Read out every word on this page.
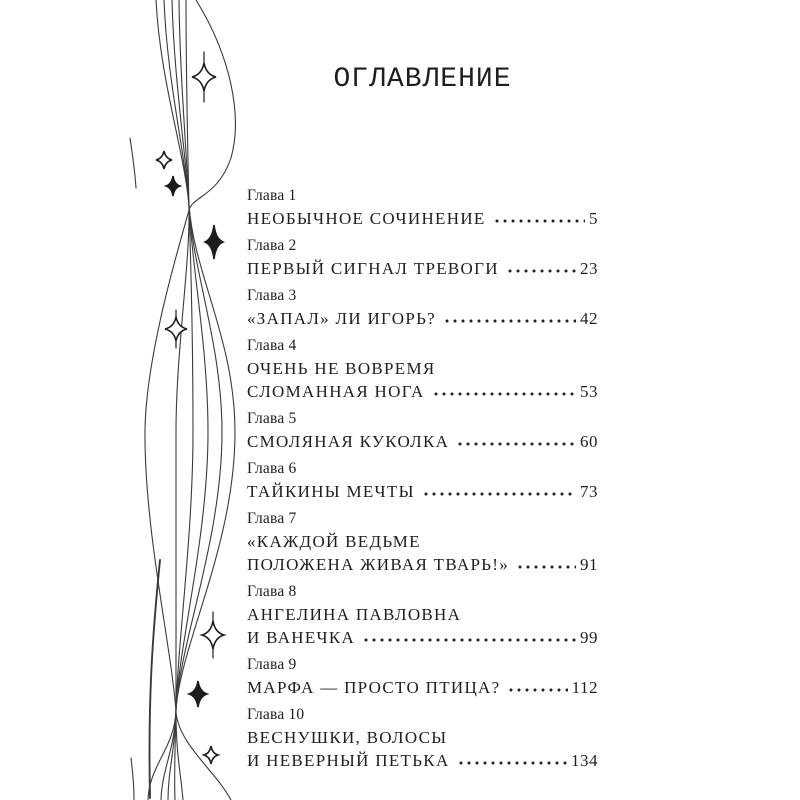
ОГЛАВЛЕНИЕ
Глава 1
НЕОБЫЧНОЕ СОЧИНЕНИЕ	5
Глава 2
ПЕРВЫЙ СИГНАЛ ТРЕВОГИ	23
Глава 3
«ЗАПАЛ» ЛИ ИГОРЬ?	42
Глава 4
ОЧЕНЬ НЕ ВОВРЕМЯ
СЛОМАННАЯ НОГА	53
Глава 5
СМОЛЯНАЯ КУКОЛКА	60
Глава 6
ТАЙКИНЫ МЕЧТЫ	73
Глава 7
«КАЖДОЙ ВЕДЬМЕ
ПОЛОЖЕНА ЖИВАЯ ТВАРЬ!»	91
Глава 8
АНГЕЛИНА ПАВЛОВНА
И ВАНЕЧКА	99
Глава 9
МАРФА — ПРОСТО ПТИЦА?	112
Глава 10
ВЕСНУШКИ, ВОЛОСЫ
И НЕВЕРНЫЙ ПЕТЬКА	134
